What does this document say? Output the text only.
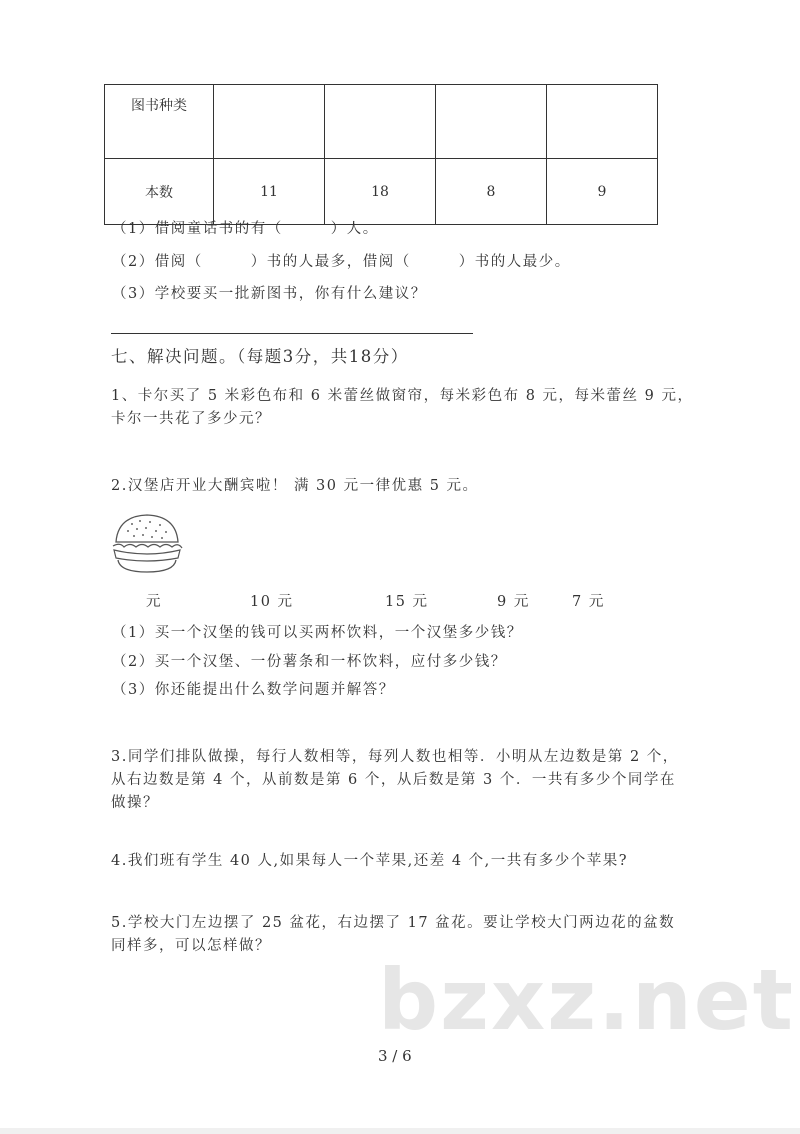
图书种类				
本数	11	18	8	9
（1）借阅童话书的有（　　　）人。
（2）借阅（　　　）书的人最多，借阅（　　　）书的人最少。
（3）学校要买一批新图书，你有什么建议？
七、解决问题。（每题3分，共18分）
1、卡尔买了 5 米彩色布和 6 米蕾丝做窗帘，每米彩色布 8 元，每米蕾丝 9 元，
卡尔一共花了多少元？
2.汉堡店开业大酬宾啦！ 满 30 元一律优惠 5 元。
元	10 元	15 元	9 元	7 元
（1）买一个汉堡的钱可以买两杯饮料，一个汉堡多少钱？
（2）买一个汉堡、一份薯条和一杯饮料，应付多少钱？
（3）你还能提出什么数学问题并解答？
3.同学们排队做操，每行人数相等，每列人数也相等．小明从左边数是第 2 个，
从右边数是第 4 个，从前数是第 6 个，从后数是第 3 个．一共有多少个同学在
做操？
4.我们班有学生 40 人,如果每人一个苹果,还差 4 个,一共有多少个苹果?
5.学校大门左边摆了 25 盆花，右边摆了 17 盆花。要让学校大门两边花的盆数
同样多，可以怎样做？
bzxz.net
3 / 6
